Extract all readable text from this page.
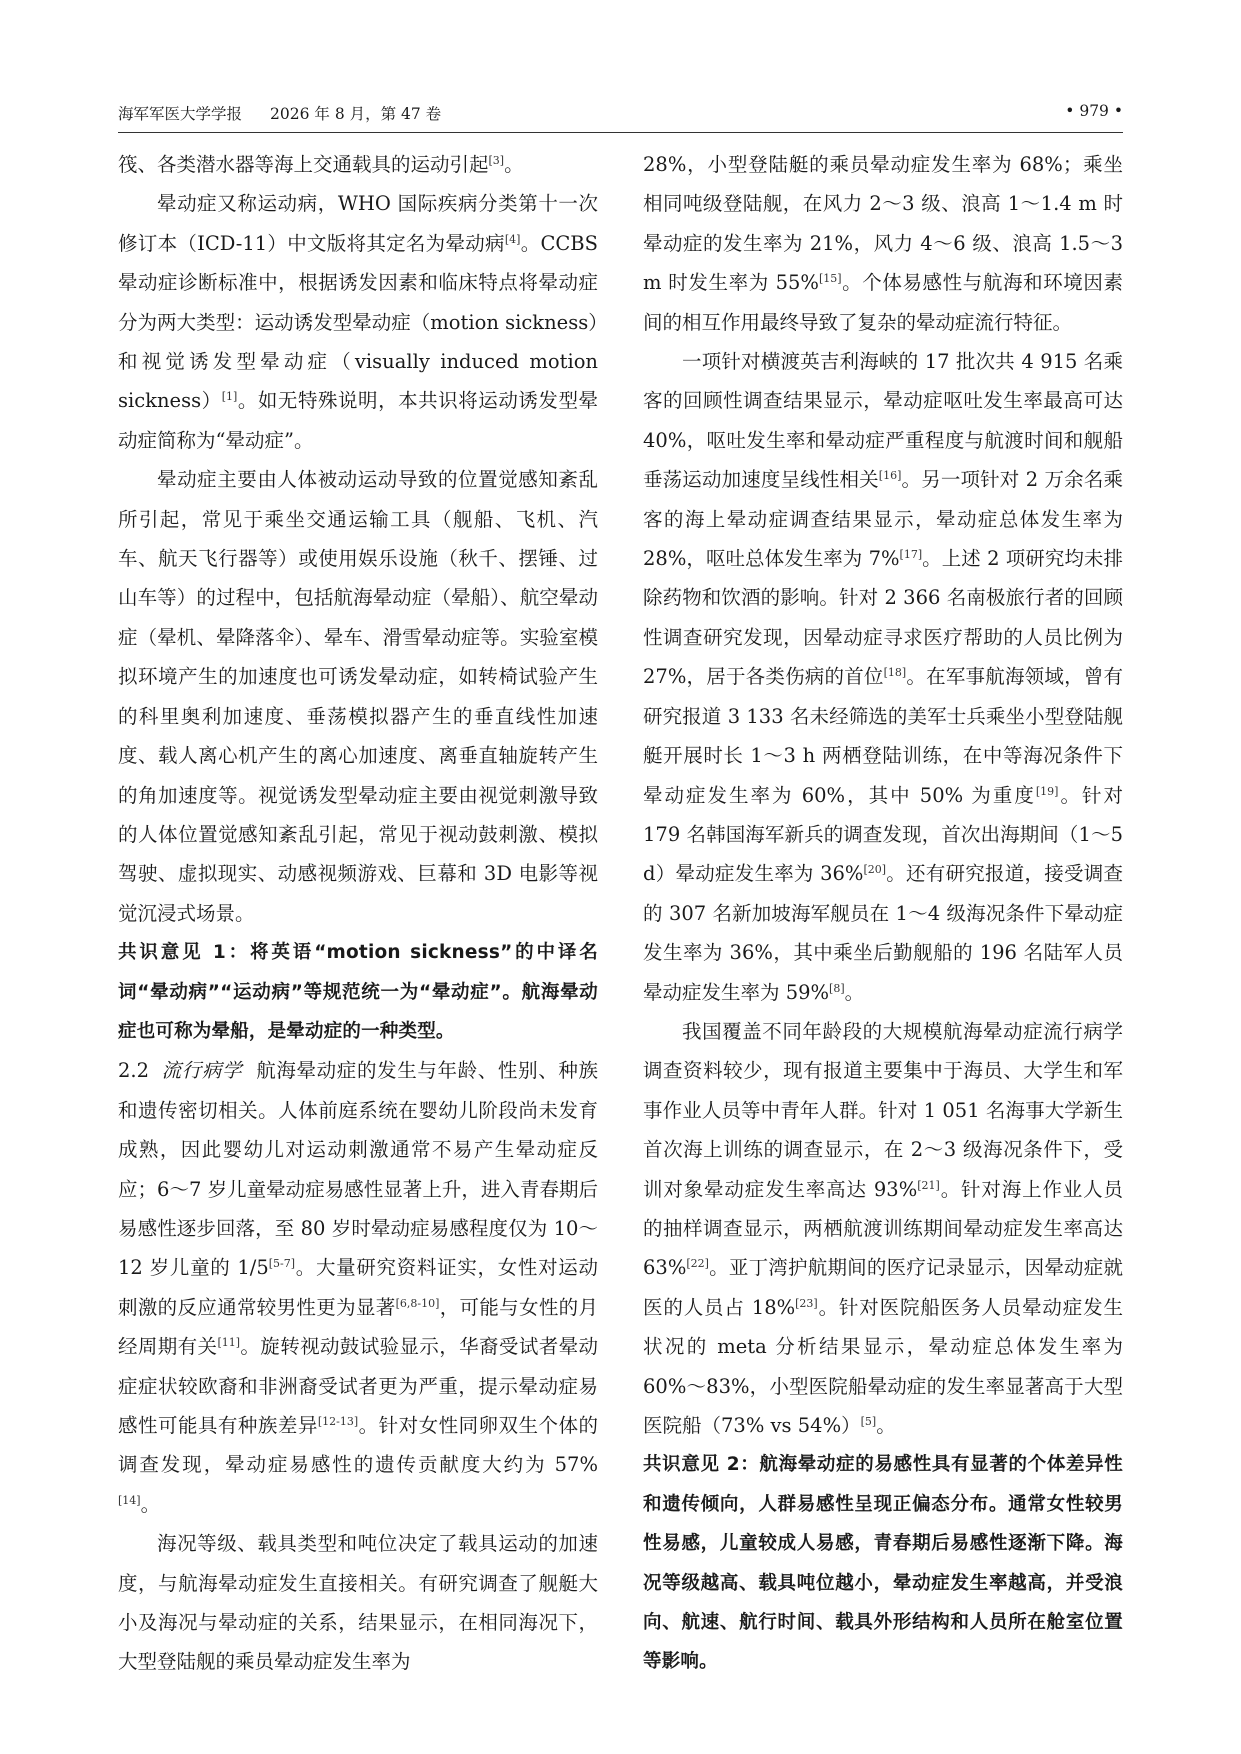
海军军医大学学报 2026 年 8 月，第 47 卷	• 979 •

筏、各类潜水器等海上交通载具的运动引起[3]。

晕动症又称运动病，WHO 国际疾病分类第十一次修订本（ICD-11）中文版将其定名为晕动病[4]。CCBS 晕动症诊断标准中，根据诱发因素和临床特点将晕动症分为两大类型：运动诱发型晕动症（motion sickness）和视觉诱发型晕动症（visually induced motion sickness）[1]。如无特殊说明，本共识将运动诱发型晕动症简称为“晕动症”。

晕动症主要由人体被动运动导致的位置觉感知紊乱所引起，常见于乘坐交通运输工具（舰船、飞机、汽车、航天飞行器等）或使用娱乐设施（秋千、摆锤、过山车等）的过程中，包括航海晕动症（晕船）、航空晕动症（晕机、晕降落伞）、晕车、滑雪晕动症等。实验室模拟环境产生的加速度也可诱发晕动症，如转椅试验产生的科里奥利加速度、垂荡模拟器产生的垂直线性加速度、载人离心机产生的离心加速度、离垂直轴旋转产生的角加速度等。视觉诱发型晕动症主要由视觉刺激导致的人体位置觉感知紊乱引起，常见于视动鼓刺激、模拟驾驶、虚拟现实、动感视频游戏、巨幕和 3D 电影等视觉沉浸式场景。

共识意见 1：将英语“motion sickness”的中译名词“晕动病”“运动病”等规范统一为“晕动症”。航海晕动症也可称为晕船，是晕动症的一种类型。

2.2 流行病学 航海晕动症的发生与年龄、性别、种族和遗传密切相关。人体前庭系统在婴幼儿阶段尚未发育成熟，因此婴幼儿对运动刺激通常不易产生晕动症反应；6～7 岁儿童晕动症易感性显著上升，进入青春期后易感性逐步回落，至 80 岁时晕动症易感程度仅为 10～12 岁儿童的 1/5[5-7]。大量研究资料证实，女性对运动刺激的反应通常较男性更为显著[6,8-10]，可能与女性的月经周期有关[11]。旋转视动鼓试验显示，华裔受试者晕动症症状较欧裔和非洲裔受试者更为严重，提示晕动症易感性可能具有种族差异[12-13]。针对女性同卵双生个体的调查发现，晕动症易感性的遗传贡献度大约为 57%[14]。

海况等级、载具类型和吨位决定了载具运动的加速度，与航海晕动症发生直接相关。有研究调查了舰艇大小及海况与晕动症的关系，结果显示，在相同海况下，大型登陆舰的乘员晕动症发生率为

28%，小型登陆艇的乘员晕动症发生率为 68%；乘坐相同吨级登陆舰，在风力 2～3 级、浪高 1～1.4 m 时晕动症的发生率为 21%，风力 4～6 级、浪高 1.5～3 m 时发生率为 55%[15]。个体易感性与航海和环境因素间的相互作用最终导致了复杂的晕动症流行特征。

一项针对横渡英吉利海峡的 17 批次共 4 915 名乘客的回顾性调查结果显示，晕动症呕吐发生率最高可达 40%，呕吐发生率和晕动症严重程度与航渡时间和舰船垂荡运动加速度呈线性相关[16]。另一项针对 2 万余名乘客的海上晕动症调查结果显示，晕动症总体发生率为 28%，呕吐总体发生率为 7%[17]。上述 2 项研究均未排除药物和饮酒的影响。针对 2 366 名南极旅行者的回顾性调查研究发现，因晕动症寻求医疗帮助的人员比例为 27%，居于各类伤病的首位[18]。在军事航海领域，曾有研究报道 3 133 名未经筛选的美军士兵乘坐小型登陆舰艇开展时长 1～3 h 两栖登陆训练，在中等海况条件下晕动症发生率为 60%，其中 50% 为重度[19]。针对 179 名韩国海军新兵的调查发现，首次出海期间（1～5 d）晕动症发生率为 36%[20]。还有研究报道，接受调查的 307 名新加坡海军舰员在 1～4 级海况条件下晕动症发生率为 36%，其中乘坐后勤舰船的 196 名陆军人员晕动症发生率为 59%[8]。

我国覆盖不同年龄段的大规模航海晕动症流行病学调查资料较少，现有报道主要集中于海员、大学生和军事作业人员等中青年人群。针对 1 051 名海事大学新生首次海上训练的调查显示，在 2～3 级海况条件下，受训对象晕动症发生率高达 93%[21]。针对海上作业人员的抽样调查显示，两栖航渡训练期间晕动症发生率高达 63%[22]。亚丁湾护航期间的医疗记录显示，因晕动症就医的人员占 18%[23]。针对医院船医务人员晕动症发生状况的 meta 分析结果显示，晕动症总体发生率为 60%～83%，小型医院船晕动症的发生率显著高于大型医院船（73% vs 54%）[5]。

共识意见 2：航海晕动症的易感性具有显著的个体差异性和遗传倾向，人群易感性呈现正偏态分布。通常女性较男性易感，儿童较成人易感，青春期后易感性逐渐下降。海况等级越高、载具吨位越小，晕动症发生率越高，并受浪向、航速、航行时间、载具外形结构和人员所在舱室位置等影响。
